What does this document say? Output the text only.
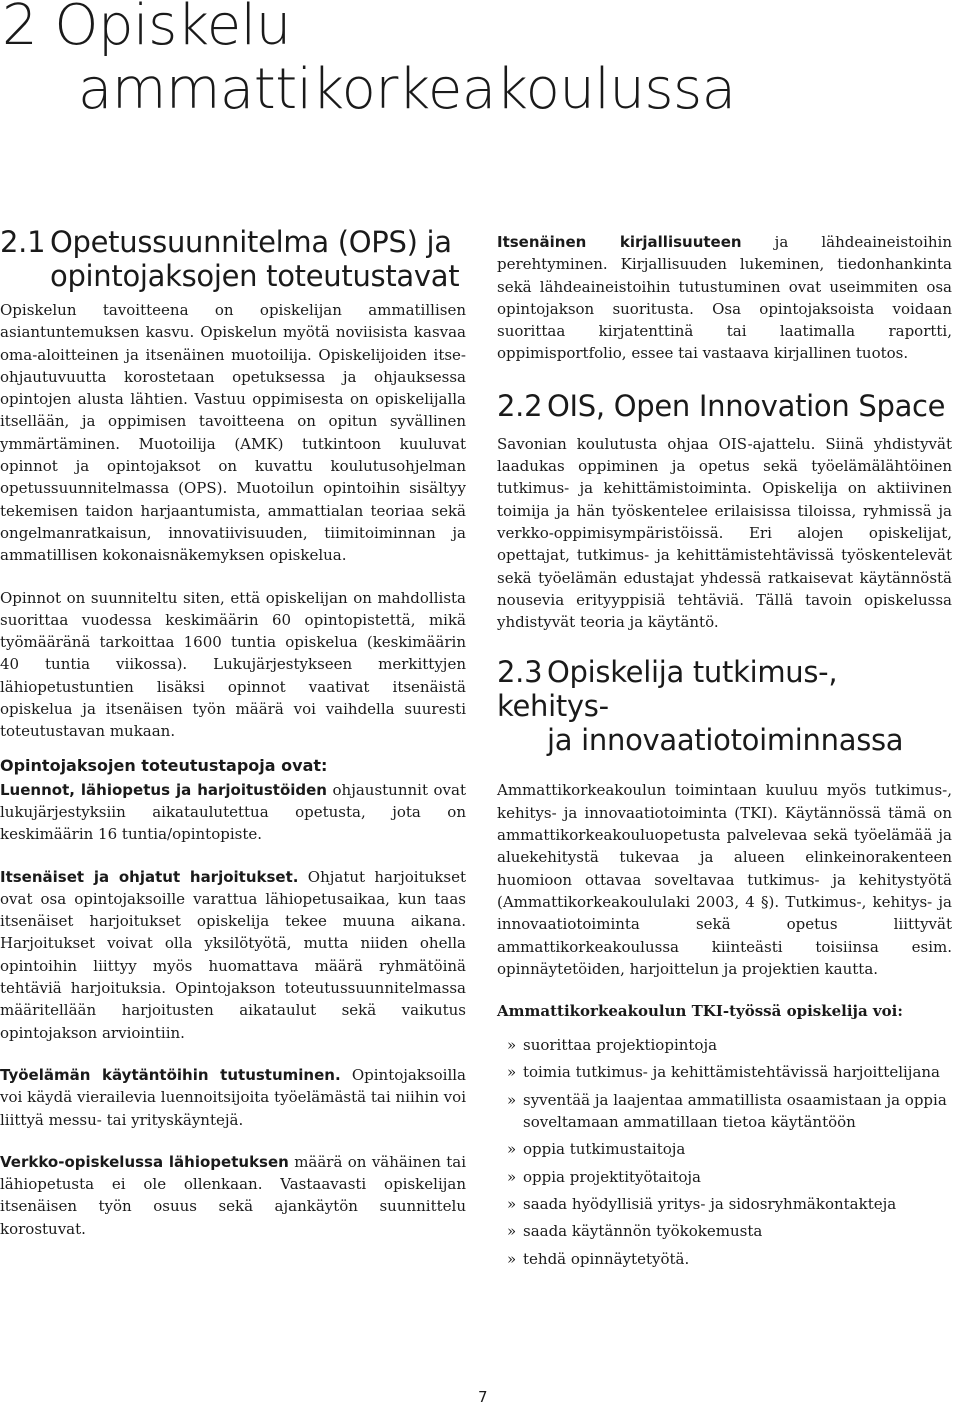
2 Opiskelu
ammattikorkeakoulussa
2.1 Opetussuunnitelma (OPS) ja
opintojaksojen toteutustavat

Opiskelun tavoitteena on opiskelijan ammatillisen asiantuntemuksen kasvu. Opiskelun myötä noviisista kasvaa oma-aloitteinen ja itsenäinen muotoilija. Opiskelijoiden itse-ohjautuvuutta korostetaan opetuksessa ja ohjauksessa opintojen alusta lähtien. Vastuu oppimisesta on opiskelijalla itsellään, ja oppimisen tavoitteena on opitun syvällinen ymmärtäminen. Muotoilija (AMK) tutkintoon kuuluvat opinnot ja opintojaksot on kuvattu koulutusohjelman opetussuunnitelmassa (OPS). Muotoilun opintoihin sisältyy tekemisen taidon harjaantumista, ammattialan teoriaa sekä ongelmanratkaisun, innovatiivisuuden, tiimitoiminnan ja ammatillisen kokonaisnäkemyksen opiskelua.

Opinnot on suunniteltu siten, että opiskelijan on mahdollista suorittaa vuodessa keskimäärin 60 opintopistettä, mikä työmääränä tarkoittaa 1600 tuntia opiskelua (keskimäärin 40 tuntia viikossa). Lukujärjestykseen merkittyjen lähiopetustuntien lisäksi opinnot vaativat itsenäistä opiskelua ja itsenäisen työn määrä voi vaihdella suuresti toteutustavan mukaan.

Opintojaksojen toteutustapoja ovat:

Luennot, lähiopetus ja harjoitustöiden ohjaustunnit ovat lukujärjestyksiin aikataulutettua opetusta, jota on keskimäärin 16 tuntia/opintopiste.

Itsenäiset ja ohjatut harjoitukset. Ohjatut harjoitukset ovat osa opintojaksoille varattua lähiopetusaikaa, kun taas itsenäiset harjoitukset opiskelija tekee muuna aikana. Harjoitukset voivat olla yksilötyötä, mutta niiden ohella opintoihin liittyy myös huomattava määrä ryhmätöinä tehtäviä harjoituksia. Opintojakson toteutussuunnitelmassa määritellään harjoitusten aikataulut sekä vaikutus opintojakson arviointiin.

Työelämän käytäntöihin tutustuminen. Opintojaksoilla voi käydä vierailevia luennoitsijoita työelämästä tai niihin voi liittyä messu- tai yrityskäyntejä.

Verkko-opiskelussa lähiopetuksen määrä on vähäinen tai lähiopetusta ei ole ollenkaan. Vastaavasti opiskelijan itsenäisen työn osuus sekä ajankäytön suunnittelu korostuvat.

Itsenäinen kirjallisuuteen ja lähdeaineistoihin perehtyminen. Kirjallisuuden lukeminen, tiedonhankinta sekä lähdeaineistoihin tutustuminen ovat useimmiten osa opintojakson suoritusta. Osa opintojaksoista voidaan suorittaa kirjatenttinä tai laatimalla raportti, oppimisportfolio, essee tai vastaava kirjallinen tuotos.

2.2 OIS, Open Innovation Space

Savonian koulutusta ohjaa OIS-ajattelu. Siinä yhdistyvät laadukas oppiminen ja opetus sekä työelämälähtöinen tutkimus- ja kehittämistoiminta. Opiskelija on aktiivinen toimija ja hän työskentelee erilaisissa tiloissa, ryhmissä ja verkko-oppimisympäristöissä. Eri alojen opiskelijat, opettajat, tutkimus- ja kehittämistehtävissä työskentelevät sekä työelämän edustajat yhdessä ratkaisevat käytännöstä nousevia erityyppisiä tehtäviä. Tällä tavoin opiskelussa yhdistyvät teoria ja käytäntö.

2.3 Opiskelija tutkimus-, kehitys-
ja innovaatiotoiminnassa

Ammattikorkeakoulun toimintaan kuuluu myös tutkimus-, kehitys- ja innovaatiotoiminta (TKI). Käytännössä tämä on ammattikorkeakouluopetusta palvelevaa sekä työelämää ja aluekehitystä tukevaa ja alueen elinkeinorakenteen huomioon ottavaa soveltavaa tutkimus- ja kehitystyötä (Ammattikorkeakoululaki 2003, 4 §). Tutkimus-, kehitys- ja innovaatiotoiminta sekä opetus liittyvät ammattikorkeakoulussa kiinteästi toisiinsa esim. opinnäytetöiden, harjoittelun ja projektien kautta.

Ammattikorkeakoulun TKI-työssä opiskelija voi:
» suorittaa projektiopintoja
» toimia tutkimus- ja kehittämistehtävissä harjoittelijana
» syventää ja laajentaa ammatillista osaamistaan ja oppia soveltamaan ammatillaan tietoa käytäntöön
» oppia tutkimustaitoja
» oppia projektityötaitoja
» saada hyödyllisiä yritys- ja sidosryhmäkontakteja
» saada käytännön työkokemusta
» tehdä opinnäytetyötä.
7
